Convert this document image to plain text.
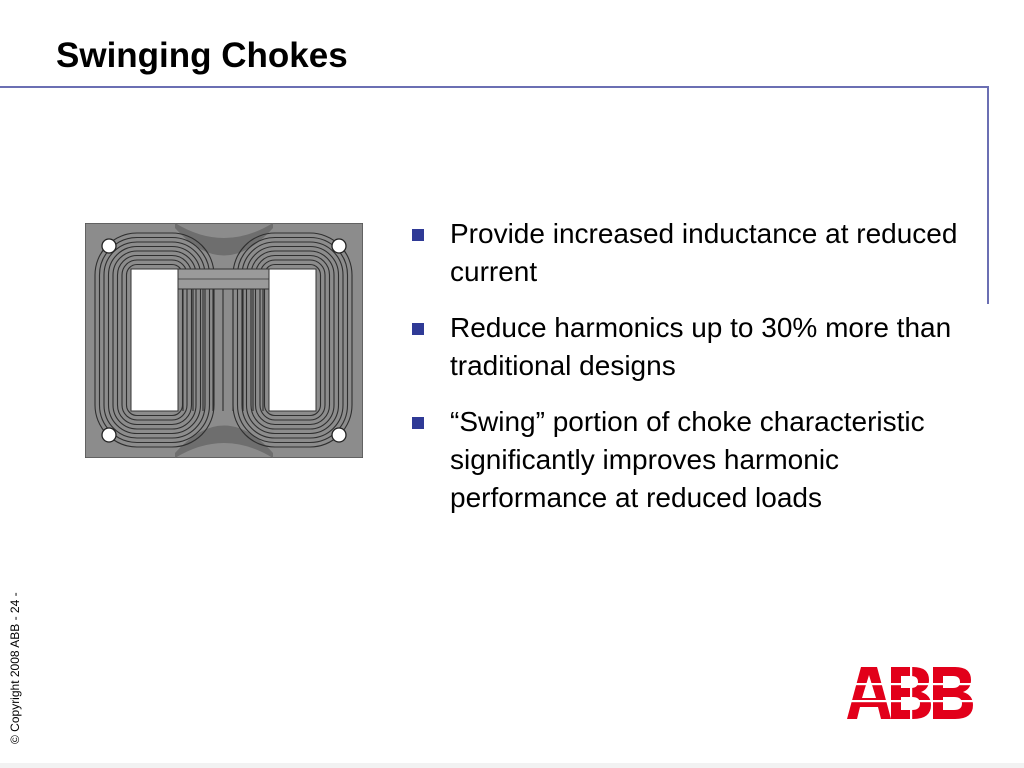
Swinging Chokes
Provide increased inductance at reduced current
Reduce harmonics up to 30% more than traditional designs
“Swing” portion of choke characteristic significantly improves harmonic performance at reduced loads
© Copyright 2008 ABB - 24 -
